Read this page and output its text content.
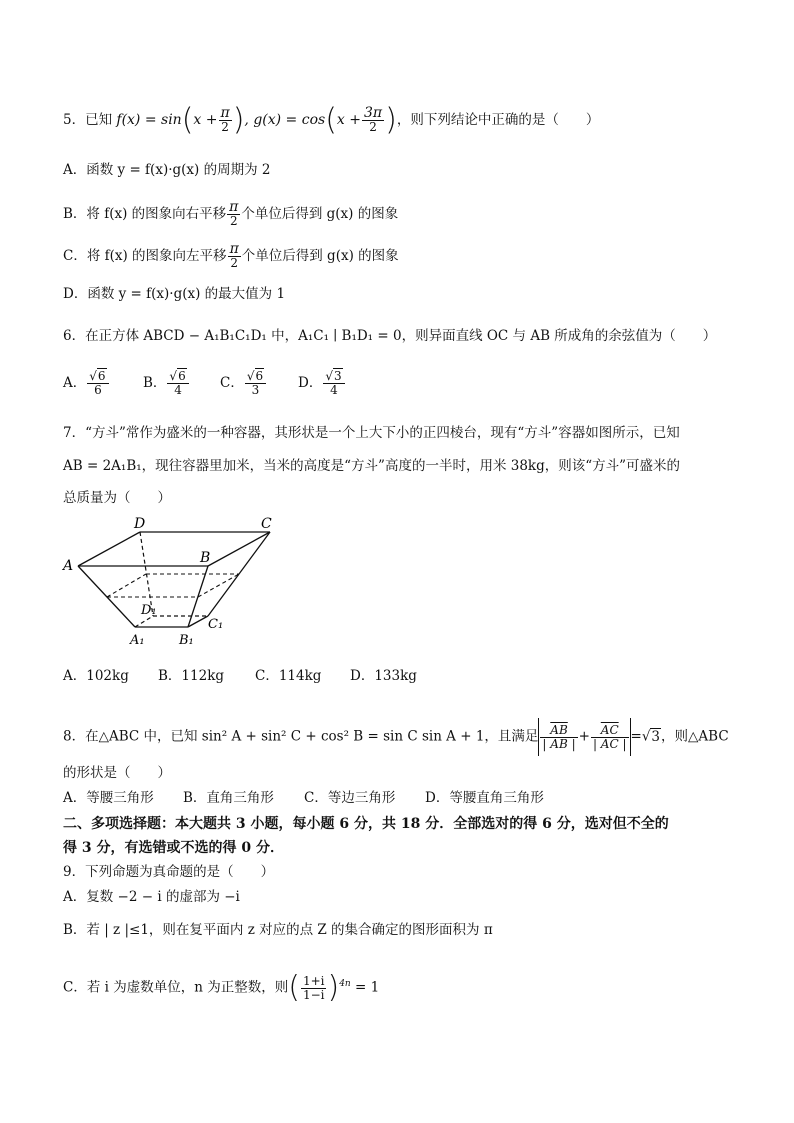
5．已知 $f(x) = \sin(x + \frac{\pi}{2}$ ), $g(x) = \cos(x + \frac{3\pi}{2}$ )，则下列结论中正确的是（　　）
A．函数 y = f(x)·g(x) 的周期为 2
B．将 f(x) 的图象向右平移 $\frac{\pi}{2}$ 个单位后得到 g(x) 的图象
C．将 f(x) 的图象向左平移 $\frac{\pi}{2}$ 个单位后得到 g(x) 的图象
D．函数 y = f(x)·g(x) 的最大值为 1
6．在正方体 ABCD − A₁B₁C₁D₁ 中，A₁C₁ ∣ B₁D₁ = 0，则异面直线 OC 与 AB 所成角的余弦值为（　　）
A． $\frac{√6}{6}$	B． $\frac{√6}{4}$ C． $\frac{√6}{3}$ D． $\frac{√3}{4}$
7．“方斗”常作为盛米的一种容器，其形状是一个上大下小的正四棱台，现有“方斗”容器如图所示，已知
AB = 2A₁B₁，现往容器里加米，当米的高度是“方斗”高度的一半时，用米 38kg，则该“方斗”可盛米的
总质量为（　　）
D	C
A	B
D₁
C₁
A₁	B₁
A．102kg B．112kg C．114kg D．133kg
8．在△ABC 中，已知 sin² A + sin² C + cos² B = sin C sin A + 1，且满足 $\frac{\overline{AB}}{| AB |} + \frac{\overline{AC}}{| AC |} =√3$，则△ABC
的形状是（　　）
A．等腰三角形 B．直角三角形 C．等边三角形 D．等腰直角三角形
二、多项选择题：本大题共 3 小题，每小题 6 分，共 18 分．全部选对的得 6 分，选对但不全的
得 3 分，有选错或不选的得 0 分．
9．下列命题为真命题的是（　　）
A．复数 −2 − i 的虚部为 −i
B．若 | z |≤1，则在复平面内 z 对应的点 Z 的集合确定的图形面积为 π
C．若 i 为虚数单位，n 为正整数，则( $\frac{1+i}{1-i} )^{4n} = 1$
